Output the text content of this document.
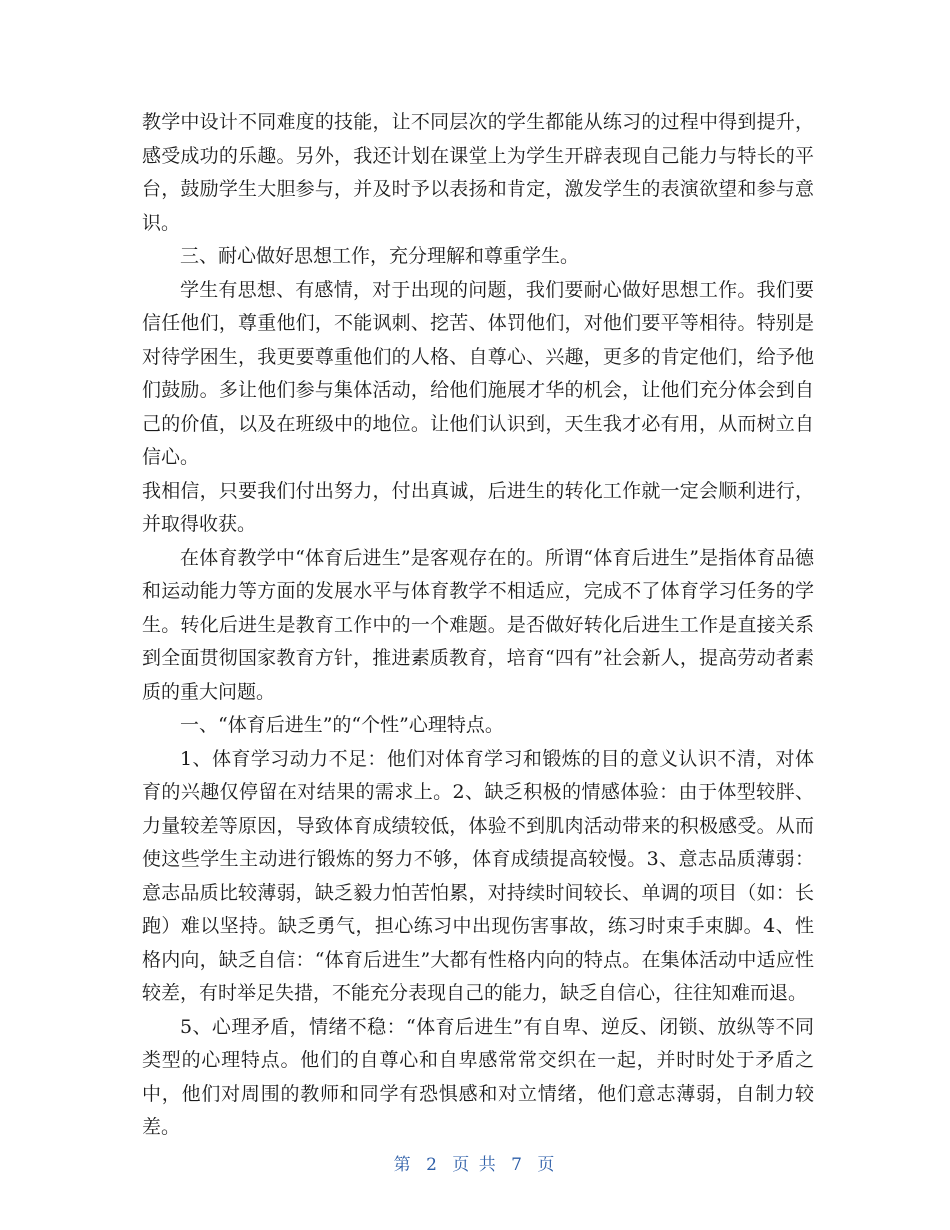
教学中设计不同难度的技能，让不同层次的学生都能从练习的过程中得到提升，感受成功的乐趣。另外，我还计划在课堂上为学生开辟表现自己能力与特长的平台，鼓励学生大胆参与，并及时予以表扬和肯定，激发学生的表演欲望和参与意识。

三、耐心做好思想工作，充分理解和尊重学生。

学生有思想、有感情，对于出现的问题，我们要耐心做好思想工作。我们要信任他们，尊重他们，不能讽刺、挖苦、体罚他们，对他们要平等相待。特别是对待学困生，我更要尊重他们的人格、自尊心、兴趣，更多的肯定他们，给予他们鼓励。多让他们参与集体活动，给他们施展才华的机会，让他们充分体会到自己的价值，以及在班级中的地位。让他们认识到，天生我才必有用，从而树立自信心。

我相信，只要我们付出努力，付出真诚，后进生的转化工作就一定会顺利进行，并取得收获。

在体育教学中“体育后进生”是客观存在的。所谓“体育后进生”是指体育品德和运动能力等方面的发展水平与体育教学不相适应，完成不了体育学习任务的学生。转化后进生是教育工作中的一个难题。是否做好转化后进生工作是直接关系到全面贯彻国家教育方针，推进素质教育，培育“四有”社会新人，提高劳动者素质的重大问题。

一、“体育后进生”的“个性”心理特点。

1、体育学习动力不足：他们对体育学习和锻炼的目的意义认识不清，对体育的兴趣仅停留在对结果的需求上。2、缺乏积极的情感体验：由于体型较胖、力量较差等原因，导致体育成绩较低，体验不到肌肉活动带来的积极感受。从而使这些学生主动进行锻炼的努力不够，体育成绩提高较慢。3、意志品质薄弱：意志品质比较薄弱，缺乏毅力怕苦怕累，对持续时间较长、单调的项目（如：长跑）难以坚持。缺乏勇气，担心练习中出现伤害事故，练习时束手束脚。4、性格内向，缺乏自信：“体育后进生”大都有性格内向的特点。在集体活动中适应性较差，有时举足失措，不能充分表现自己的能力，缺乏自信心，往往知难而退。

5、心理矛盾，情绪不稳：“体育后进生”有自卑、逆反、闭锁、放纵等不同类型的心理特点。他们的自尊心和自卑感常常交织在一起，并时时处于矛盾之中，他们对周围的教师和同学有恐惧感和对立情绪，他们意志薄弱，自制力较差。

第 2 页 共 7 页
